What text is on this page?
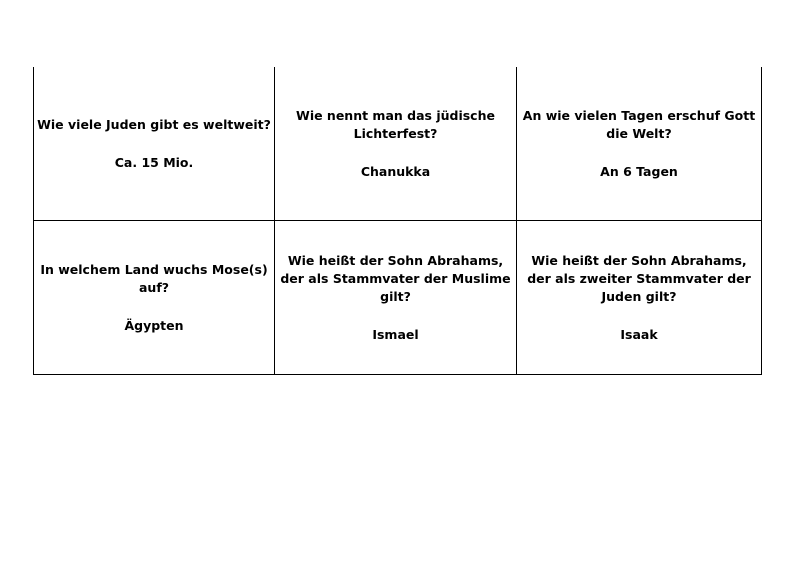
Wie viele Juden gibt es weltweit?
Ca. 15 Mio.
Wie nennt man das jüdische Lichterfest?
Chanukka
An wie vielen Tagen erschuf Gott die Welt?
An 6 Tagen
In welchem Land wuchs Mose(s) auf?
Ägypten
Wie heißt der Sohn Abrahams, der als Stammvater der Muslime gilt?
Ismael
Wie heißt der Sohn Abrahams, der als zweiter Stammvater der Juden gilt?
Isaak
